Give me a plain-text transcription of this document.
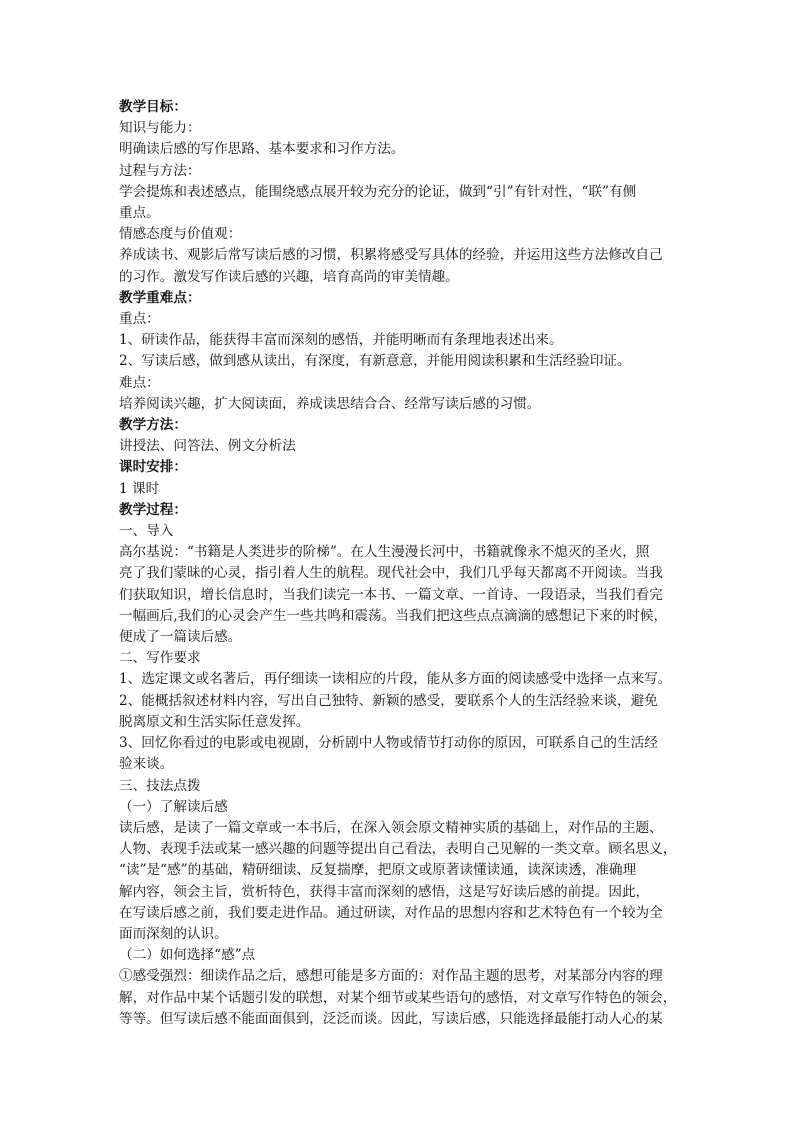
教学目标：
知识与能力：
明确读后感的写作思路、基本要求和习作方法。
过程与方法：
学会提炼和表述感点，能围绕感点展开较为充分的论证，做到“引”有针对性，“联”有侧
重点。
情感态度与价值观：
养成读书、观影后常写读后感的习惯，积累将感受写具体的经验，并运用这些方法修改自己
的习作。激发写作读后感的兴趣，培育高尚的审美情趣。
教学重难点：
重点：
1、研读作品，能获得丰富而深刻的感悟，并能明晰而有条理地表述出来。
2、写读后感，做到感从读出，有深度，有新意意，并能用阅读积累和生活经验印证。
难点：
培养阅读兴趣，扩大阅读面，养成读思结合合、经常写读后感的习惯。
教学方法：
讲授法、问答法、例文分析法
课时安排：
1 课时
教学过程：
一、导入
高尔基说：“书籍是人类进步的阶梯”。在人生漫漫长河中，书籍就像永不熄灭的圣火，照
亮了我们蒙昧的心灵，指引着人生的航程。现代社会中，我们几乎每天都离不开阅读。当我
们获取知识，增长信息时，当我们读完一本书、一篇文章、一首诗、一段语录，当我们看完
一幅画后,我们的心灵会产生一些共鸣和震荡。当我们把这些点点滴滴的感想记下来的时候，
便成了一篇读后感。
二、写作要求
1、选定课文或名著后，再仔细读一读相应的片段，能从多方面的阅读感受中选择一点来写。
2、能概括叙述材料内容，写出自己独特、新颖的感受，要联系个人的生活经验来谈，避免
脱离原文和生活实际任意发挥。
3、回忆你看过的电影或电视剧，分析剧中人物或情节打动你的原因，可联系自己的生活经
验来谈。
三、技法点拨
（一）了解读后感
读后感，是读了一篇文章或一本书后，在深入领会原文精神实质的基础上，对作品的主题、
人物、表现手法或某一感兴趣的问题等提出自己看法，表明自己见解的一类文章。顾名思义，
“读”是“感”的基础，精研细读、反复揣摩，把原文或原著读懂读通，读深读透，准确理
解内容，领会主旨，赏析特色，获得丰富而深刻的感悟，这是写好读后感的前提。因此，
在写读后感之前，我们要走进作品。通过研读，对作品的思想内容和艺术特色有一个较为全
面而深刻的认识。
（二）如何选择“感”点
①感受强烈：细读作品之后，感想可能是多方面的：对作品主题的思考，对某部分内容的理
解，对作品中某个话题引发的联想，对某个细节或某些语句的感悟，对文章写作特色的领会，
等等。但写读后感不能面面俱到，泛泛而谈。因此，写读后感，只能选择最能打动人心的某
